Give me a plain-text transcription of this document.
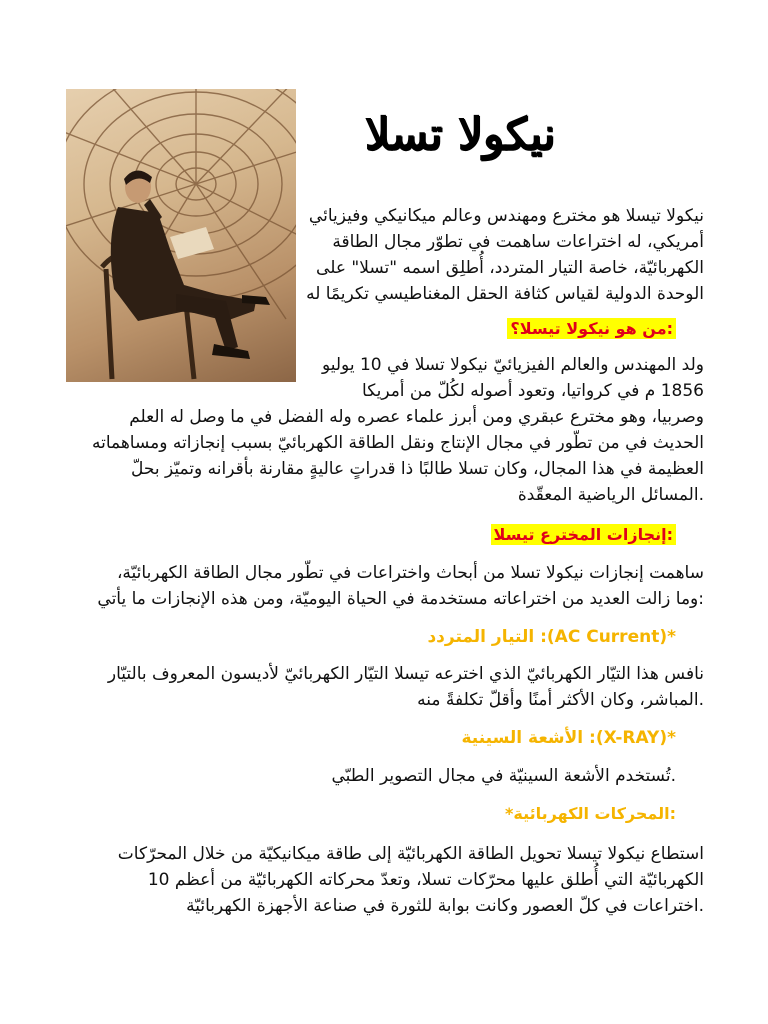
نيكولا تسلا
نيكولا تيسلا هو مخترع ومهندس وعالم ميكانيكي وفيزيائي
أمريكي، له اختراعات ساهمت في تطوّر مجال الطاقة
الكهربائيّة، خاصة التيار المتردد، أُطلِق اسمه "تسلا" على
الوحدة الدولية لقياس كثافة الحقل المغناطيسي تكريمًا له
:من هو نيكولا تيسلا؟
ولد المهندس والعالم الفيزيائيّ نيكولا تسلا في 10 يوليو
1856 م في كرواتيا، وتعود أصوله لكُلّ من أمريكا
وصربيا، وهو مخترع عبقري ومن أبرز علماء عصره وله الفضل في ما وصل له العلم
الحديث في من تطّور في مجال الإنتاج ونقل الطاقة الكهربائيّ بسبب إنجازاته ومساهماته
العظيمة في هذا المجال، وكان تسلا طالبًا ذا قدراتٍ عاليةٍ مقارنة بأقرانه وتميّز بحلّ
.المسائل الرياضية المعقّدة
:إنجازات المخترع تيسلا
ساهمت إنجازات نيكولا تسلا من أبحاث واختراعات في تطّور مجال الطاقة الكهربائيّة،
:وما زالت العديد من اختراعاته مستخدمة في الحياة اليوميّة، ومن هذه الإنجازات ما يأتي
*(AC Current): التيار المتردد
نافس هذا التيّار الكهربائيّ الذي اخترعه تيسلا التيّار الكهربائيّ لأديسون المعروف بالتيّار
.المباشر، وكان الأكثر أمنًا وأقلّ تكلفةً منه
*(X-RAY): الأشعة السينية
.تُستخدم الأشعة السينيّة في مجال التصوير الطبّي
:المحركات الكهربائية*
استطاع نيكولا تيسلا تحويل الطاقة الكهربائيّة إلى طاقة ميكانيكيّة من خلال المحرّكات
الكهربائيّة التي أُطلق عليها محرّكات تسلا، وتعدّ محركاته الكهربائيّة من أعظم 10
.اختراعات في كلّ العصور وكانت بوابة للثورة في صناعة الأجهزة الكهربائيّة
